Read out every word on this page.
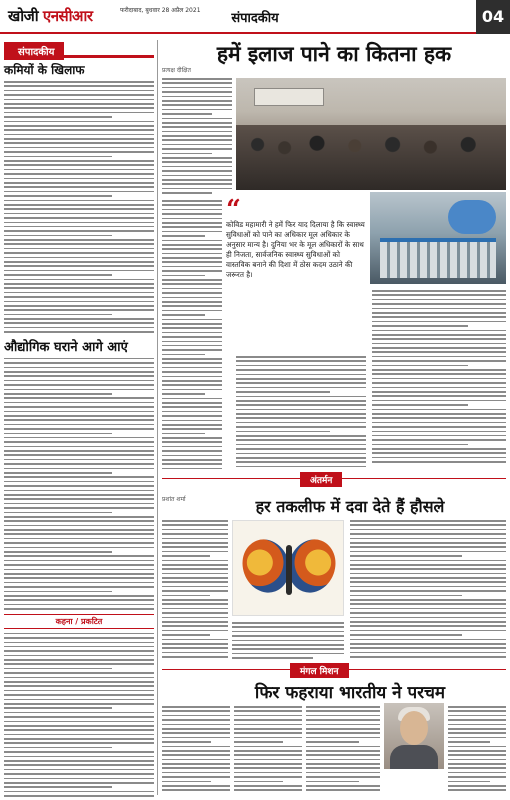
खोजी एनसीआर	फरीदाबाद, बुधवार 28 अप्रैल 2021
संपादकीय	04
संपादकीय
कमियों के खिलाफ
औद्योगिक घराने आगे आएं
कहना / प्रकटित
हमें इलाज पाने का कितना हक
प्रत्यक्ष दीक्षित
“
कोविड महामारी ने हमें फिर याद दिलाया है कि स्वास्थ्य सुविधाओं को पाने का अधिकार मूल अधिकार के अनुसार मान्य है। दुनिया भर के मूल अधिकारों के साथ ही निजता, सार्वजनिक स्वास्थ्य सुविधाओं को वास्तविक बनाने की दिशा में ठोस कदम उठाने की जरूरत है।
अंतर्मन
प्रशांत शर्मा	हर तकलीफ में दवा देते हैं हौसले
मंगल मिशन
फिर फहराया भारतीय ने परचम
